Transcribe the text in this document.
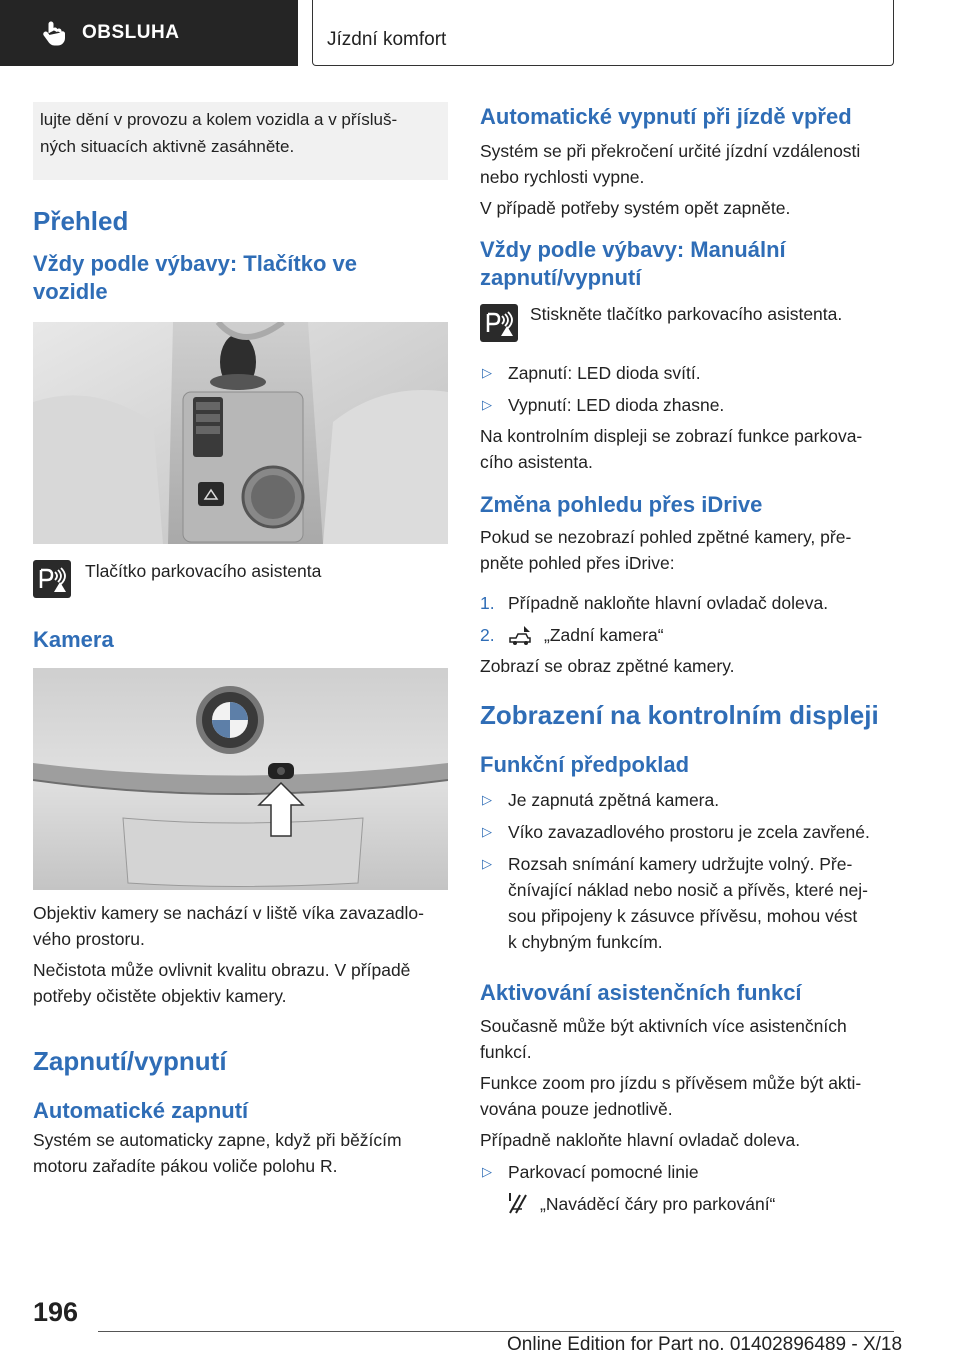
OBSLUHA	Jízdní komfort
lujte dění v provozu a kolem vozidla a v přísluš-
ných situacích aktivně zasáhněte.
Přehled
Vždy podle výbavy: Tlačítko ve
vozidle

Tlačítko parkovacího asistenta

Kamera

Objektiv kamery se nachází v liště víka zavazadlo-
vého prostoru.

Nečistota může ovlivnit kvalitu obrazu. V případě
potřeby očistěte objektiv kamery.

Zapnutí/vypnutí
Automatické zapnutí

Systém se automaticky zapne, když při běžícím
motoru zařadíte pákou voliče polohu R.

Automatické vypnutí při jízdě vpřed

Systém se při překročení určité jízdní vzdálenosti
nebo rychlosti vypne.

V případě potřeby systém opět zapněte.

Vždy podle výbavy: Manuální
zapnutí/vypnutí

Stiskněte tlačítko parkovacího asistenta.

▷ Zapnutí: LED dioda svítí.
▷ Vypnutí: LED dioda zhasne.

Na kontrolním displeji se zobrazí funkce parkova-
cího asistenta.

Změna pohledu přes iDrive

Pokud se nezobrazí pohled zpětné kamery, pře-
pněte pohled přes iDrive:

1. Případně nakloňte hlavní ovladač doleva.
2.	„Zadní kamera“

Zobrazí se obraz zpětné kamery.

Zobrazení na kontrolním displeji
Funkční předpoklad
▷ Je zapnutá zpětná kamera.
▷ Víko zavazadlového prostoru je zcela zavřené.
▷ Rozsah snímání kamery udržujte volný. Pře-
čnívající náklad nebo nosič a přívěs, které nej-
sou připojeny k zásuvce přívěsu, mohou vést
k chybným funkcím.
Aktivování asistenčních funkcí

Současně může být aktivních více asistenčních
funkcí.

Funkce zoom pro jízdu s přívěsem může být akti-
vována pouze jednotlivě.

Případně nakloňte hlavní ovladač doleva.

▷ Parkovací pomocné linie

„Naváděcí čáry pro parkování“

196
Online Edition for Part no. 01402896489 - X/18
